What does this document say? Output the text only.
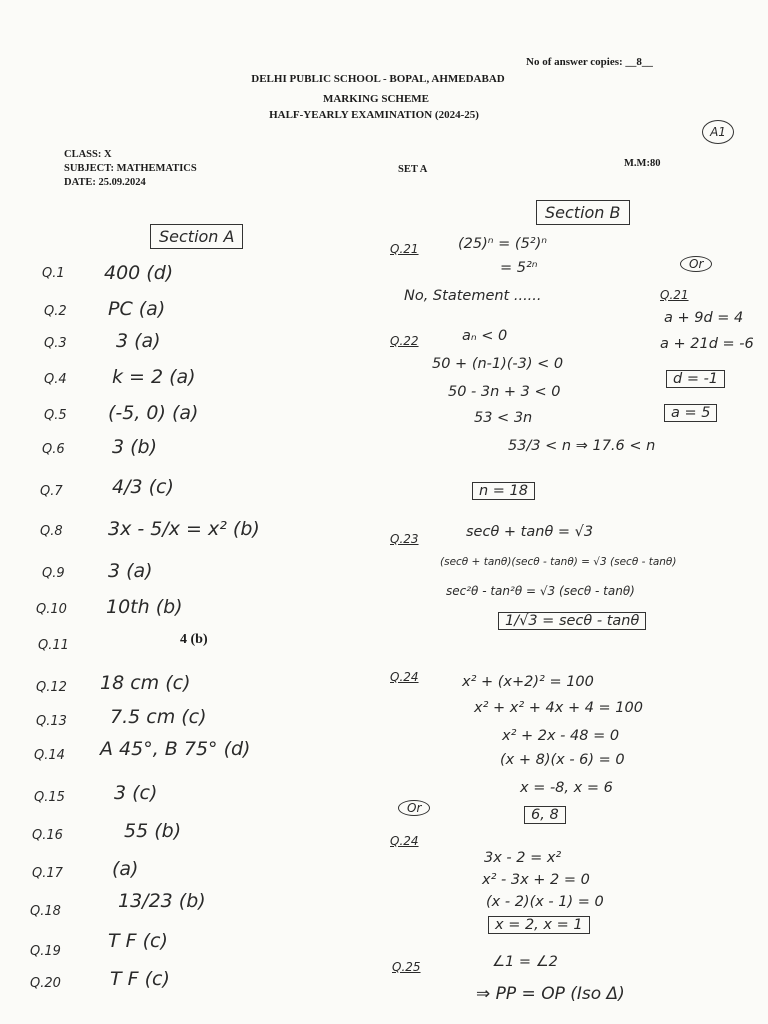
No of answer copies: __8__
DELHI PUBLIC SCHOOL - BOPAL, AHMEDABAD
MARKING SCHEME
HALF-YEARLY EXAMINATION (2024-25)
A1
CLASS: X
SUBJECT: MATHEMATICS
DATE: 25.09.2024
SET A
M.M:80
Section A
Section B
Q.1 400 (d)
Q.2 PC (a)
Q.3	3 (a)
Q.4 k = 2 (a)
Q.5 (-5, 0) (a)
Q.6 3 (b)
Q.7	4/3 (c)
Q.8 3x - 5/x = x² (b)
Q.9 3 (a)
Q.10 10th (b)
Q.11	4 (b)
Q.12 18 cm (c)
Q.13 7.5 cm (c)
Q.14 A 45°, B 75° (d)
Q.15	3 (c)
Q.16	55 (b)
Q.17	(a)
Q.18	13/23 (b)
Q.19 T F (c)
Q.20	T F (c)
Q.21	(25)ⁿ = (5²)ⁿ
= 5²ⁿ
No, Statement ......
Or
Q.21
a + 9d = 4
a + 21d = -6
d = -1
a = 5
Q.22	aₙ < 0
50 + (n-1)(-3) < 0
50 - 3n + 3 < 0
53 < 3n
53/3 < n ⇒ 17.6 < n
n = 18
Q.23	secθ + tanθ = √3
(secθ + tanθ)(secθ - tanθ) = √3 (secθ - tanθ)
sec²θ - tan²θ = √3 (secθ - tanθ)
1/√3 = secθ - tanθ
Q.24	x² + (x+2)² = 100
x² + x² + 4x + 4 = 100
x² + 2x - 48 = 0
(x + 8)(x - 6) = 0
x = -8, x = 6
6, 8
Or
Q.24
3x - 2 = x²
x² - 3x + 2 = 0
(x - 2)(x - 1) = 0
x = 2, x = 1
Q.25	∠1 = ∠2
⇒ PP = OP (Iso Δ)
